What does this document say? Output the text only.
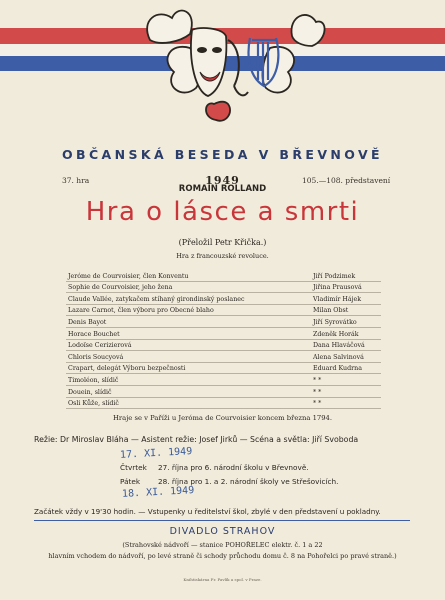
OBČANSKÁ BESEDA V BŘEVNOVĚ
37. hra	1949	105.—108. představení
ROMAIN ROLLAND
Hra o lásce a smrti
(Přeložil Petr Křička.)
Hra z francouzské revoluce.
Jeróme de Courvoisier, člen Konventu	Jiří Podzimek
Sophie de Courvoisier, jeho žena	Jiřina Prausová
Claude Vallée, zatykačem stíhaný girondinský poslanec	Vladimír Hájek
Lazare Carnot, člen výboru pro Obecné blaho	Milan Obst
Denis Bayot	Jiří Syrovátko
Horace Bouchet	Zdeněk Horák
Lodoïse Cerizierová	Dana Hlaváčová
Chloris Soucyová	Alena Salvinová
Crapart, delegát Výboru bezpečnosti	Eduard Kudrna
Timoléon, slídič	* *
Douein, slídič	* *
Osli Kůže, slídič	* *
Hraje se v Paříži u Jeróma de Courvoisier koncem března 1794.
Režie: Dr Miroslav Bláha — Asistent režie: Josef Jirků — Scéna a světla: Jiří Svoboda
17. XI. 1949
Čtvrtek 27. října pro 6. národní školu v Břevnově.
Pátek 28. října pro 1. a 2. národní školy ve Střešovicích.
18. XI. 1949
Začátek vždy v 19'30 hodin. — Vstupenky u ředitelství škol, zbylé v den představení u pokladny.
DIVADLO STRAHOV
(Strahovské nádvoří — stanice POHOŘELEC elektr. č. 1 a 22
hlavním vchodem do nádvoří, po levé straně či schody průchodu domu č. 8 na Pohořelci po pravé straně.)
Knihtiskárna Fr. Pavlík a spol. v Praze.
